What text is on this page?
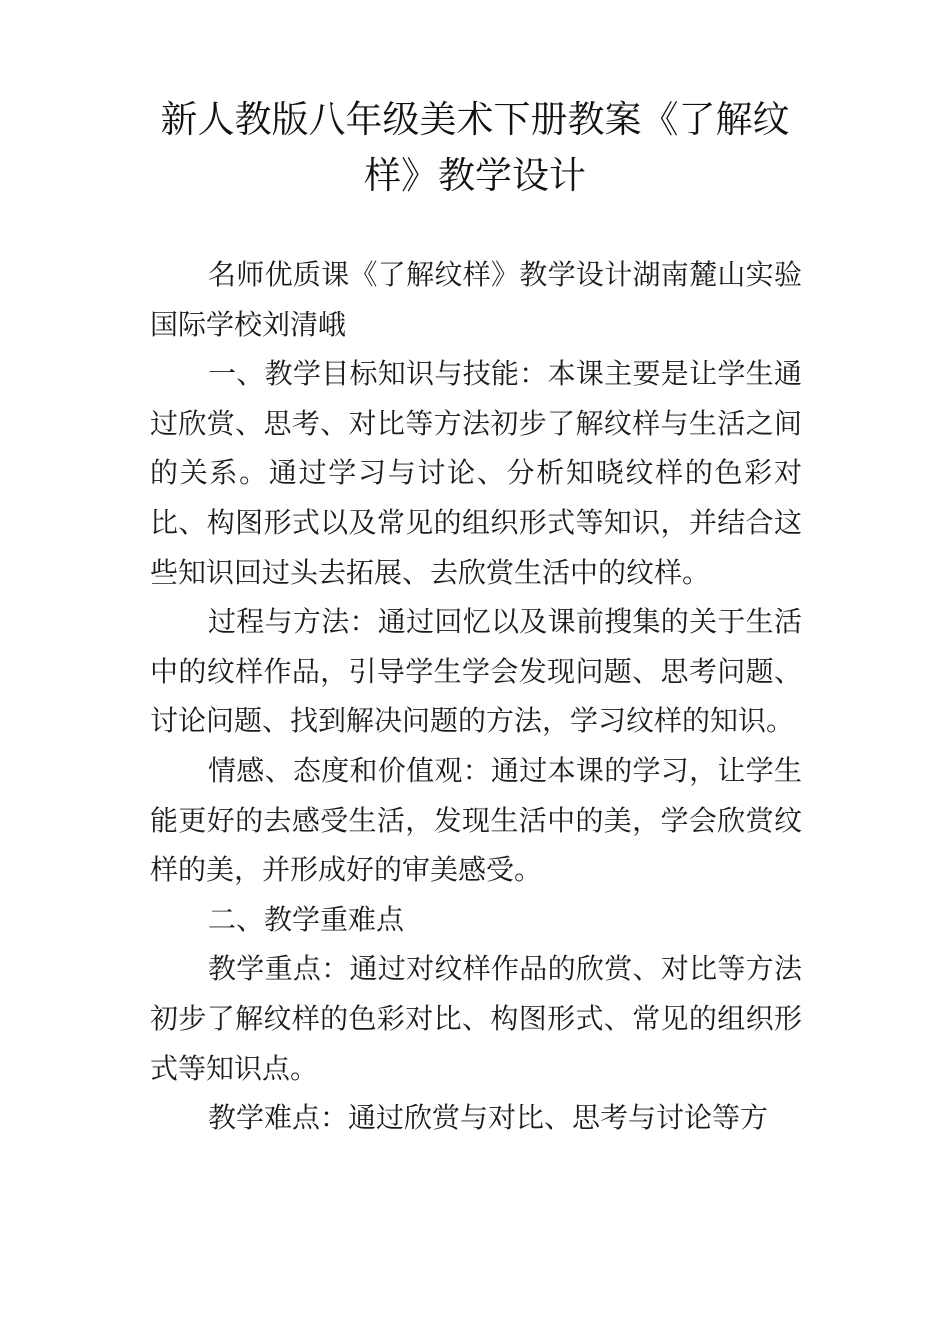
新人教版八年级美术下册教案《了解纹样》教学设计

名师优质课《了解纹样》教学设计湖南麓山实验国际学校刘清峨

一、教学目标知识与技能：本课主要是让学生通过欣赏、思考、对比等方法初步了解纹样与生活之间的关系。通过学习与讨论、分析知晓纹样的色彩对比、构图形式以及常见的组织形式等知识，并结合这些知识回过头去拓展、去欣赏生活中的纹样。

过程与方法：通过回忆以及课前搜集的关于生活中的纹样作品，引导学生学会发现问题、思考问题、讨论问题、找到解决问题的方法，学习纹样的知识。

情感、态度和价值观：通过本课的学习，让学生能更好的去感受生活，发现生活中的美，学会欣赏纹样的美，并形成好的审美感受。

二、教学重难点

教学重点：通过对纹样作品的欣赏、对比等方法初步了解纹样的色彩对比、构图形式、常见的组织形式等知识点。

教学难点：通过欣赏与对比、思考与讨论等方
